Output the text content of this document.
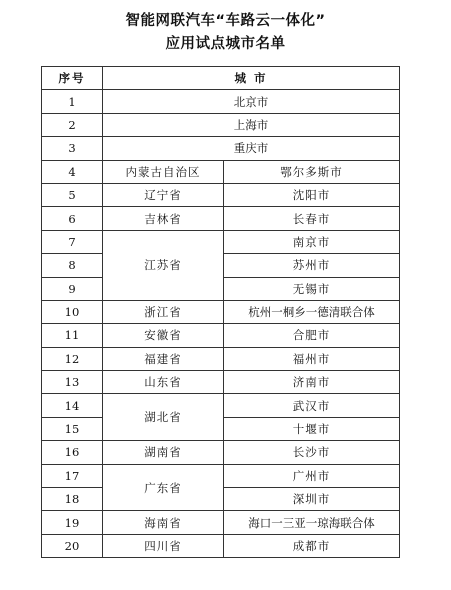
智能网联汽车“车路云一体化”
应用试点城市名单
序号	城 市	
1	北京市	
2	上海市	
3	重庆市	
4	内蒙古自治区	鄂尔多斯市
5	辽宁省	沈阳市
6	吉林省	长春市
7	江苏省	南京市
8		苏州市
9		无锡市
10	浙江省	杭州一桐乡一德清联合体
11	安徽省	合肥市
12	福建省	福州市
13	山东省	济南市
14	湖北省	武汉市
15		十堰市
16	湖南省	长沙市
17	广东省	广州市
18		深圳市
19	海南省	海口一三亚一琼海联合体
20	四川省	成都市
